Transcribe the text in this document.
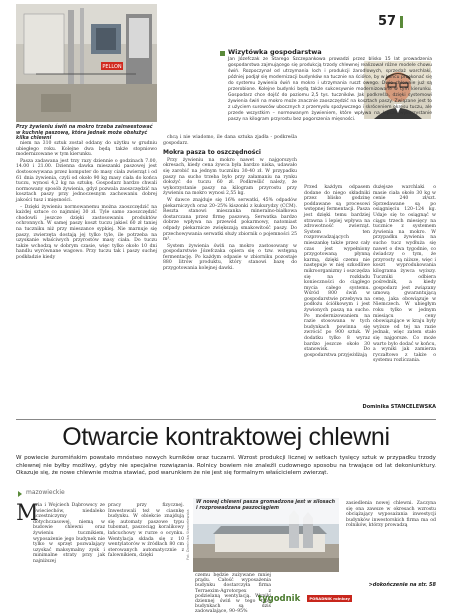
57
PELLON
Przy żywieniu świń na mokro trzeba zainwestować w kuchnię paszową, która jednak może obsłużyć kilka chlewni

niem na 310 sztuk został oddany do użytku w grudniu ubiegłego roku. Kolejne dwa będą także stopniowo modernizowane w tym kierunku.

Pasza zadawana jest trzy razy dziennie o godzinach 7.00, 14.00 i 21.00. Dzienna dawka mieszanki paszowej jest dostosowywana przez komputer do masy ciała zwierząt i od 61 dnia żywienia, czyli od około 90 kg masy ciała do końca tuczu, wynosi 4,2 kg na sztukę. Gospodarz bardzo chwali normowany sposób żywienia, gdyż pozwala zaoszczędzić na kosztach paszy przy jednoczesnym zachowaniu dobrej jakości tusz i mięsności.

– Dzięki żywieniu normowanemu można zaoszczędzić na każdej sztuce co najmniej 30 zł. Tyle samo zaoszczędzić chodowli jeszcze dzięki zastosowaniu produktów ochronnych. W samej paszy koszt tuczu jakieś 60 zł taniej na tuczniku niż przy mieszance sypkiej. Nie marnuje się paszy, zwierzęta dostają jej tylko tyle, ile potrzeba na uzyskanie właściwych przyrostów masy ciała. Do tuczu także wchodzą w dobrym czasie, więc tylko około 10 dni handlu wyrównane wagowo. Przy tuczu tak i paszy suchej podkładzie kiedy

chcą i nie wiadomo, ile dana sztuka zjadła - podkreśla gospodarz.

Mokra pasza to oszczędności

Przy żywieniu na mokro nawet w najgorszych okresach, kiedy cena żywca była bardzo niska, udawało się zarobić na jednym tuczniku 30-40 zł. W przypadku paszy na sucho trzeba było przy załamaniu na rynku dołożyć do tuczu 60 zł. Podkreślić należy, że wykorzystanie paszy na kilogram przyrostu przy żywieniu na mokro wynosi 2,55 kg.

W dawce znajduje się 16% serwatki, 45% odpadów piekarniczych oraz 20–25% kiszonki z kukurydzy (CCM). Reszta stanowi mieszanka mineralno-białkowa dostarczana przez firmę paszową. Serwatka bardzo dobrze wpływa na przewód pokarmowy, natomiast odpady piekarnicze zwiększają smakowitość paszy. Do przechowywania serwatki służy zbiornik o pojemności 25 m³.

System żywienia świń na mokro zastosowany w gospodarstwie Józefczaka opiera się o tzw. wstępną fermentację. Po każdym odpasie w zbiorniku pozostaje 880 litrów produktu, który stanowi bazę do przygotowania kolejnej dawki.

Wizytówka gospodarstwa
Jan Józefczak ze Starego Szczepankowa prowadzi przez blisko 15 lat prowadzenia gospodarstwa zajmującego się produkcją trzody chlewnej realizował różne modele chowu świń. Rozpoczynał od utrzymania loch i produkcji żarodlowych, sprzedaż warchlaki, później podjął się modernizacji budynków na tucznie na ściółce, by w końcu przekonać się do systemu żywienia świń na mokro i utrzymania ruszt owego. Dwie chlewnie już są przerobione. Kolejne budynki będą także sukcesywnie modernizowane w tym kierunku. Gospodarz chce dojść do poziomu 2,5 tys. tuczników. Jak podkreśla, dzięki systemowi żywienia świń na mokro może znacznie zaoszczędzić na kosztach paszy. Związane jest to z użyciem surowców ubocznych z przemysłu spożywczego i skróceniem okresu tuczu, ale przede wszystkim – normowanym żywieniem, które wpływa na lepsze wykorzystanie paszy na kilogram przyrostu bez pogorszenia mięsności.
Przed każdym odpasem dodane do niego składniki przez blisko godzinę poddawane są procesowi wstępnej fermentacji. Pasza jest dzięki temu bardziej strawna i lepiej wpływa na zdrowotność zwierząt. System ten rozprowadzających mieszankę także przez cały czas jest wypełniony przygotowaną płynną karmą, dzięki czemu nie następuje w niej szkodliwe mikroorganizmy i oszczędza się na rozkładu konieczności do ciągłego mycia całego systemu. Wśród 800 świń w gospodarstwie przebywa na podłożu ściółkowym i jest żywionych paszą na sucho. Po modernizowaniem na razie stosowana w tych budynkach powinna się zwrócić po 900 sztuk. W dodatku tylko 8 wyraz bardzo jeszcze około 30 stanowisk. Do gospodarstwa przyjeżdżają
dużejsze warchlaki o masie ciała około 30 kg w cenie 240 zł/szt. Sprzedawane są po osiągnięciu 120–124 kg. Udaje się to osiągnąć w ciągu trzech miesięcy na tucznice z systemem żywienia na mokro. W przypadku żywienia na sucho tucz wydłuża się nawet o dwa tygodnie, co świadczy o tym, że przyrosty są niższe, więc i koszt wyprodukowania kilograma żywca wyższy. Tuczniki odbiera pośrednik, a kiedy gospodarz jest związany umową gwarantującą cenę, jaka obowiązuje w Niemczech. W ubiegłym roku tylko w jednym miesiącu ceny obowiązujące w kraju były wyższe od tej na razie jednak, więc zatem stało się najgorsze. Co może warto było dodać w końcu, a wyniki jak zamierza ryczałtowo z także o systemu rozliczania.
Dominika STANCELEWSKA
Otwarcie kontraktowej chlewni
W powiecie żuromińskim powstało mnóstwo nowych kurników oraz tuczarni. Wzrost produkcji licznej w setkach tysięcy sztuk w przypadku trzody chlewnej nie byłby możliwy, gdyby nie specjalne rozwiązania. Rolnicy bowiem nie znaleźli cudownego sposobu na trwające od lat dekoniunktury. Okazuje się, że nowe chlewnie można stawiać, pod warunkiem że nie jest się formalnym właścicielem zwierząt.
mazowieckie
M
aria i Wojciech Dąbrowscy ze Świeciechów, niedaleko uczestniczymy dotychczasowej, niemą w budowie chlewni oraz żywieniu tucznikiem, wyposażenie jego budynek nie tylko w sprzęt pozwalający uzyskać maksymalny zysk i minimalne straty przy jak najniższej
pracy przy fizycznej. Inwestowali też w ciasnkę budynku. W obiekcie znajdują się automaty paszowe typu tubomat, paszociąg koralikowy łańcuchowy w rurze o ocynku. Wentylacja składa się z 10 wentylatorów w źródłach 80 cm sterowanych automatycznie z falownikiem, dzięki	Fot. Dominika Stancelewska
W nowej chlewni pasza gromadzona jest w silosach i rozprowadzana paszociągiem
czemu będzie zużywane mniej prądu. Całość wyposażenia budynku dostarczyła firma Terraexim-Agrotorpex z podzielaną wentylacją. Wyniki dziennej świń w tego typu budynkach są dziś zadowalające, 90–95%
zasiedlenia nowej chlewni. Zaczyna się ona zawsze w okresach wzrostu obciążający wyposażania inwestycji budynków inwestorskich firma ma od rolników, którzy prowadzą
>dokończenie na str. 58
tygodnik PORADNIK rolniczy
